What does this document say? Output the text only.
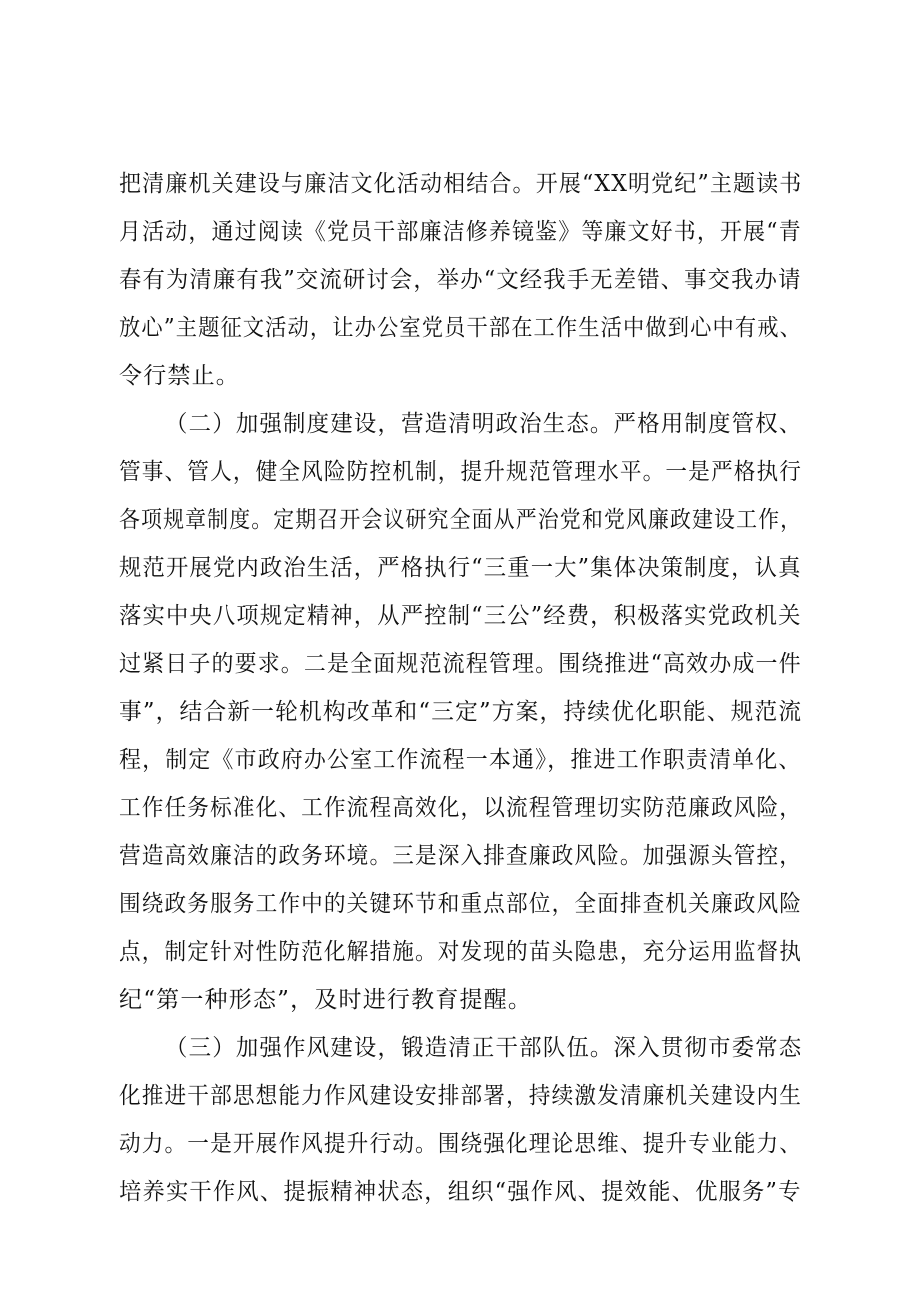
把清廉机关建设与廉洁文化活动相结合。开展“XX明党纪”主题读书
月活动，通过阅读《党员干部廉洁修养镜鉴》等廉文好书，开展“青
春有为清廉有我”交流研讨会，举办“文经我手无差错、事交我办请
放心”主题征文活动，让办公室党员干部在工作生活中做到心中有戒、
令行禁止。
（二）加强制度建设，营造清明政治生态。严格用制度管权、
管事、管人，健全风险防控机制，提升规范管理水平。一是严格执行
各项规章制度。定期召开会议研究全面从严治党和党风廉政建设工作，
规范开展党内政治生活，严格执行“三重一大”集体决策制度，认真
落实中央八项规定精神，从严控制“三公”经费，积极落实党政机关
过紧日子的要求。二是全面规范流程管理。围绕推进“高效办成一件
事”，结合新一轮机构改革和“三定”方案，持续优化职能、规范流
程，制定《市政府办公室工作流程一本通》，推进工作职责清单化、
工作任务标准化、工作流程高效化，以流程管理切实防范廉政风险，
营造高效廉洁的政务环境。三是深入排查廉政风险。加强源头管控，
围绕政务服务工作中的关键环节和重点部位，全面排查机关廉政风险
点，制定针对性防范化解措施。对发现的苗头隐患，充分运用监督执
纪“第一种形态”，及时进行教育提醒。
（三）加强作风建设，锻造清正干部队伍。深入贯彻市委常态
化推进干部思想能力作风建设安排部署，持续激发清廉机关建设内生
动力。一是开展作风提升行动。围绕强化理论思维、提升专业能力、
培养实干作风、提振精神状态，组织“强作风、提效能、优服务”专
